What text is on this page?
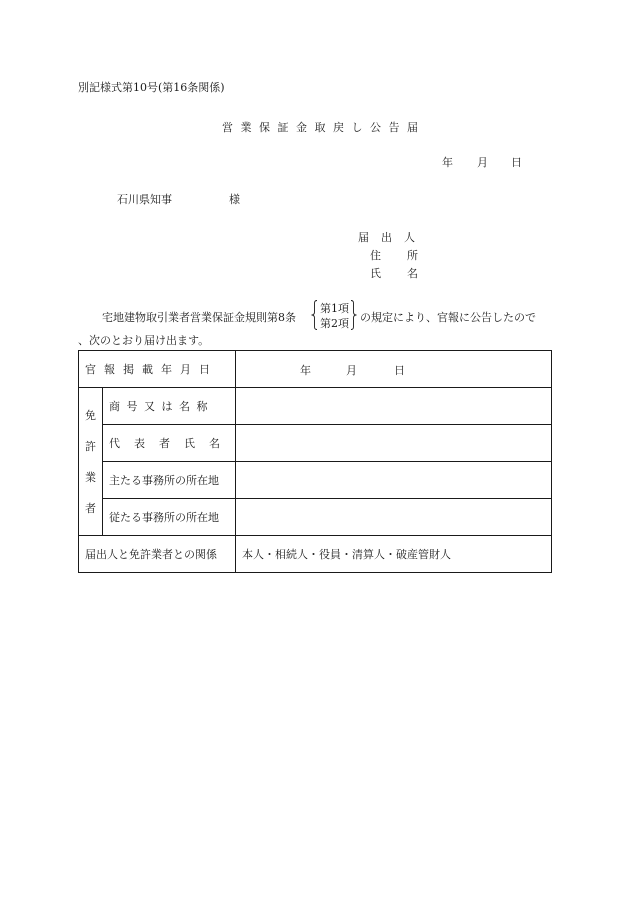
別記様式第10号(第16条関係)
営業保証金取戻し公告届
年 月 日
石川県知事	様
届出人
住所
氏名
宅地建物取引業者営業保証金規則第8条
第1項
第2項 の規定により、官報に公告したので
、次のとおり届け出ます。
官報掲載年月日		年 月 日

免
許
業
者	商号又は名称	
	代表者氏名	
	主たる事務所の所在地	
	従たる事務所の所在地	
届出人と免許業者との関係		本人・相続人・役員・清算人・破産管財人
